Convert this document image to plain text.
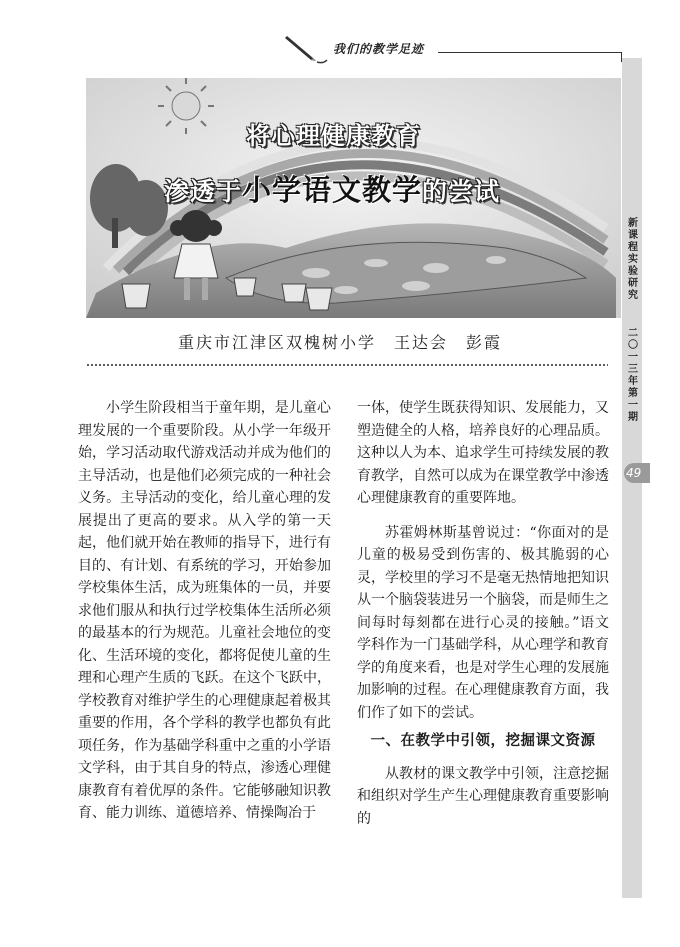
我们的教学足迹
新课程实验研究
二〇一三年第一期
49
将心理健康教育
渗透于小学语文教学的尝试
重庆市江津区双槐树小学　王达会　彭霞

小学生阶段相当于童年期，是儿童心理发展的一个重要阶段。从小学一年级开始，学习活动取代游戏活动并成为他们的主导活动，也是他们必须完成的一种社会义务。主导活动的变化，给儿童心理的发展提出了更高的要求。从入学的第一天起，他们就开始在教师的指导下，进行有目的、有计划、有系统的学习，开始参加学校集体生活，成为班集体的一员，并要求他们服从和执行过学校集体生活所必须的最基本的行为规范。儿童社会地位的变化、生活环境的变化，都将促使儿童的生理和心理产生质的飞跃。在这个飞跃中，学校教育对维护学生的心理健康起着极其重要的作用，各个学科的教学也都负有此项任务，作为基础学科重中之重的小学语文学科，由于其自身的特点，渗透心理健康教育有着优厚的条件。它能够融知识教育、能力训练、道德培养、情操陶冶于

一体，使学生既获得知识、发展能力，又塑造健全的人格，培养良好的心理品质。这种以人为本、追求学生可持续发展的教育教学，自然可以成为在课堂教学中渗透心理健康教育的重要阵地。

苏霍姆林斯基曾说过：“你面对的是儿童的极易受到伤害的、极其脆弱的心灵，学校里的学习不是毫无热情地把知识从一个脑袋装进另一个脑袋，而是师生之间每时每刻都在进行心灵的接触。”语文学科作为一门基础学科，从心理学和教育学的角度来看，也是对学生心理的发展施加影响的过程。在心理健康教育方面，我们作了如下的尝试。

一、在教学中引领，挖掘课文资源

从教材的课文教学中引领，注意挖掘和组织对学生产生心理健康教育重要影响的
